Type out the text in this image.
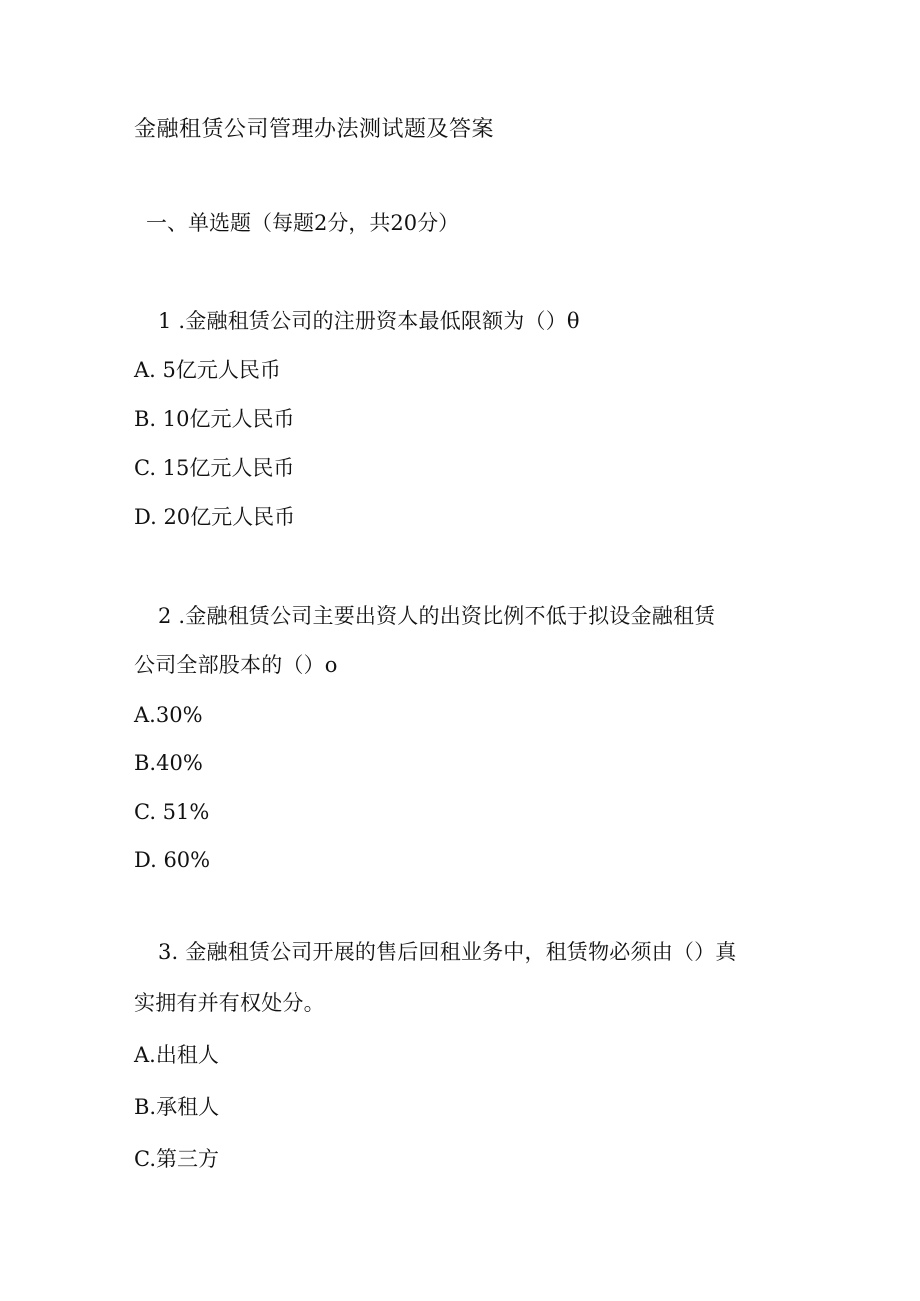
金融租赁公司管理办法测试题及答案
一、单选题（每题2分，共20分）
1 .金融租赁公司的注册资本最低限额为（）θ
A. 5亿元人民币
B. 10亿元人民币
C. 15亿元人民币
D. 20亿元人民币
2 .金融租赁公司主要出资人的出资比例不低于拟设金融租赁
公司全部股本的（）o
A.30%
B.40%
C. 51%
D. 60%
3. 金融租赁公司开展的售后回租业务中，租赁物必须由（）真
实拥有并有权处分。
A.出租人
B.承租人
C.第三方
